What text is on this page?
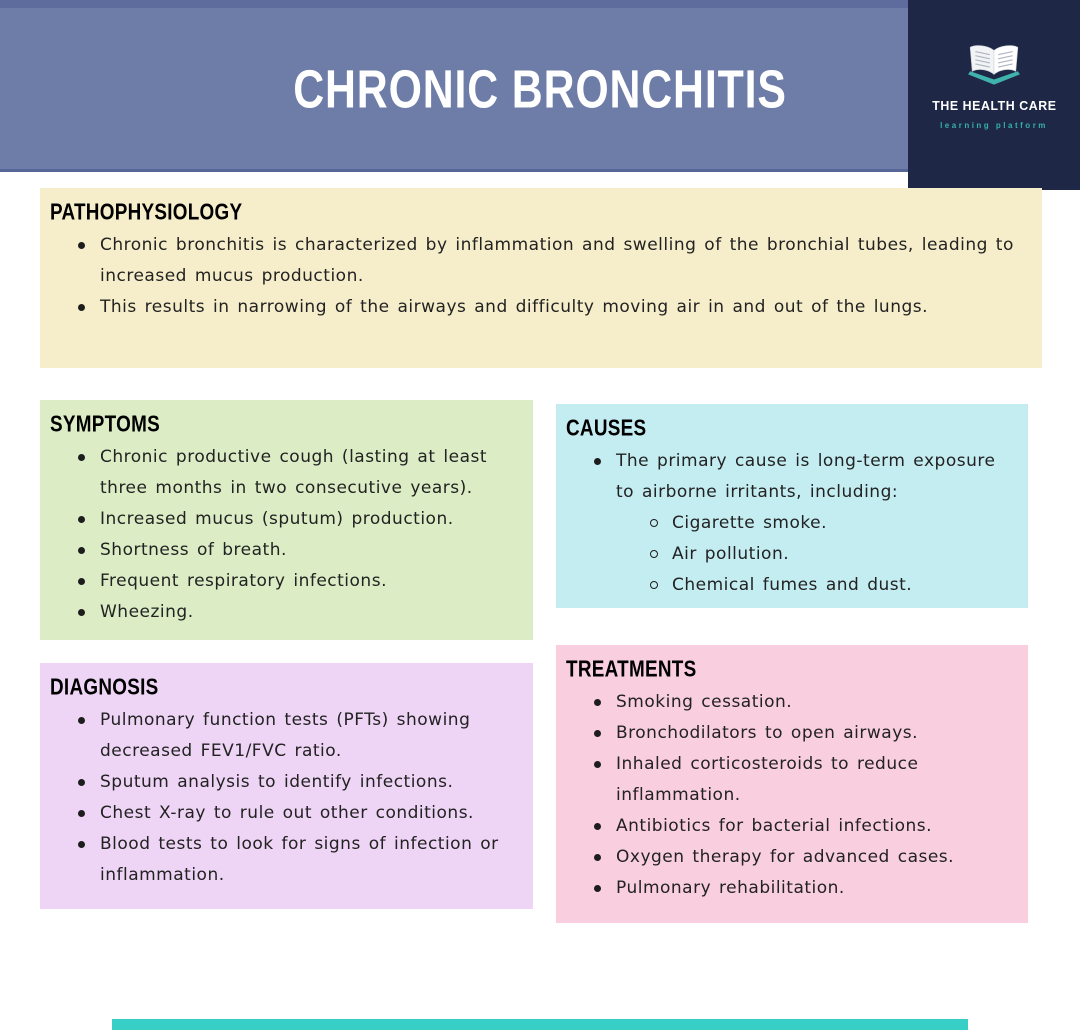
CHRONIC BRONCHITIS	THE HEALTH CARE
learning platform
PATHOPHYSIOLOGY
Chronic bronchitis is characterized by inflammation and swelling of the bronchial tubes, leading to increased mucus production.
This results in narrowing of the airways and difficulty moving air in and out of the lungs.
SYMPTOMS
Chronic productive cough (lasting at least three months in two consecutive years).
Increased mucus (sputum) production.
Shortness of breath.
Frequent respiratory infections.
Wheezing.
CAUSES
The primary cause is long-term exposure to airborne irritants, including:
Cigarette smoke.
Air pollution.
Chemical fumes and dust.
DIAGNOSIS
Pulmonary function tests (PFTs) showing decreased FEV1/FVC ratio.
Sputum analysis to identify infections.
Chest X-ray to rule out other conditions.
Blood tests to look for signs of infection or inflammation.
TREATMENTS
Smoking cessation.
Bronchodilators to open airways.
Inhaled corticosteroids to reduce inflammation.
Antibiotics for bacterial infections.
Oxygen therapy for advanced cases.
Pulmonary rehabilitation.
